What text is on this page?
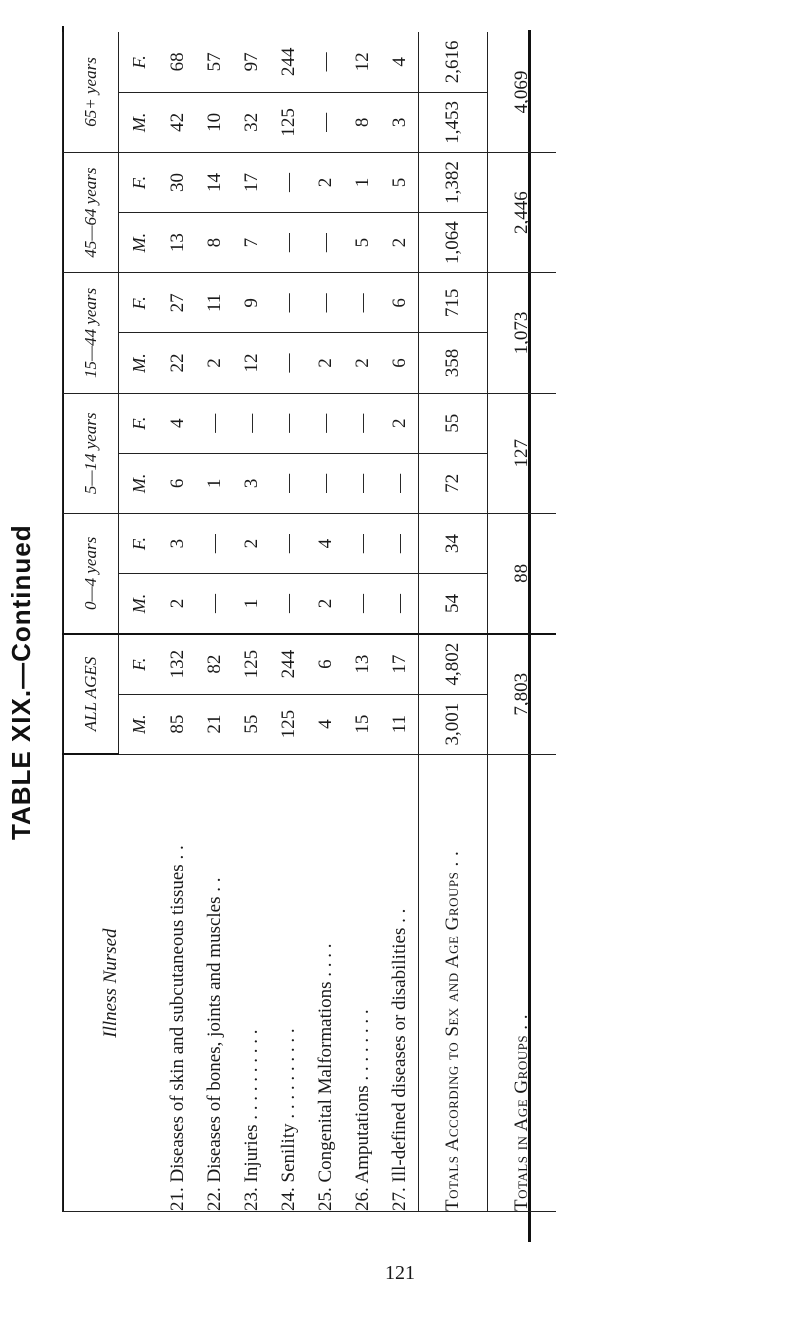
TABLE XIX.—Continued
Illness Nursed	ALL AGES		0—4 years		5—14 years		15—44 years		45—64 years		65+ years	
	M.	F.	M.	F.	M.	F.	M.	F.	M.	F.	M.	F.
21. Diseases of skin and subcutaneous tissues . .	85	132	2	3	6	4	22	27	13	30	42	68
22. Diseases of bones, joints and muscles . .	21	82	—	—	1	—	2	11	8	14	10	57
23. Injuries . . . . . . . . . .	55	125	1	2	3	—	12	9	7	17	32	97
24. Senility . . . . . . . . . .	125	244	—	—	—	—	—	—	—	—	125	244
25. Congenital Malformations . . . .	4	6	2	4	—	—	2	—	—	2	—	—
26. Amputations . . . . . . . .	15	13	—	—	—	—	2	—	5	1	8	12
27. Ill-defined diseases or disabilities . .	11	17	—	—	—	2	6	6	2	5	3	4
Totals According to Sex and Age Groups . .	3,001	4,802	54	34	72	55	358	715	1,064	1,382	1,453	2,616
Totals in Age Groups . .	7,803		88		127		1,073		2,446		4,069	
121
